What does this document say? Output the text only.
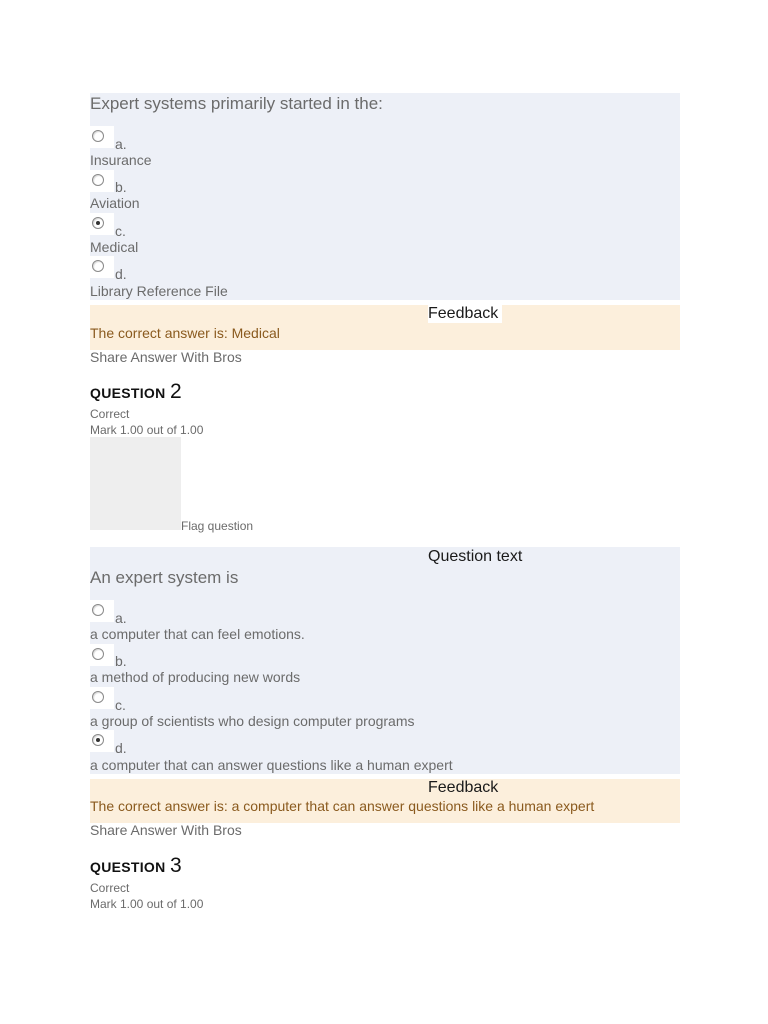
Expert systems primarily started in the:
a.
Insurance
b.
Aviation
c.
Medical
d.
Library Reference File
Feedback
The correct answer is: Medical
Share Answer With Bros
QUESTION 2
Correct
Mark 1.00 out of 1.00
Flag question
Question text
An expert system is
a.
a computer that can feel emotions.
b.
a method of producing new words
c.
a group of scientists who design computer programs
d.
a computer that can answer questions like a human expert
Feedback
The correct answer is: a computer that can answer questions like a human expert
Share Answer With Bros
QUESTION 3
Correct
Mark 1.00 out of 1.00
